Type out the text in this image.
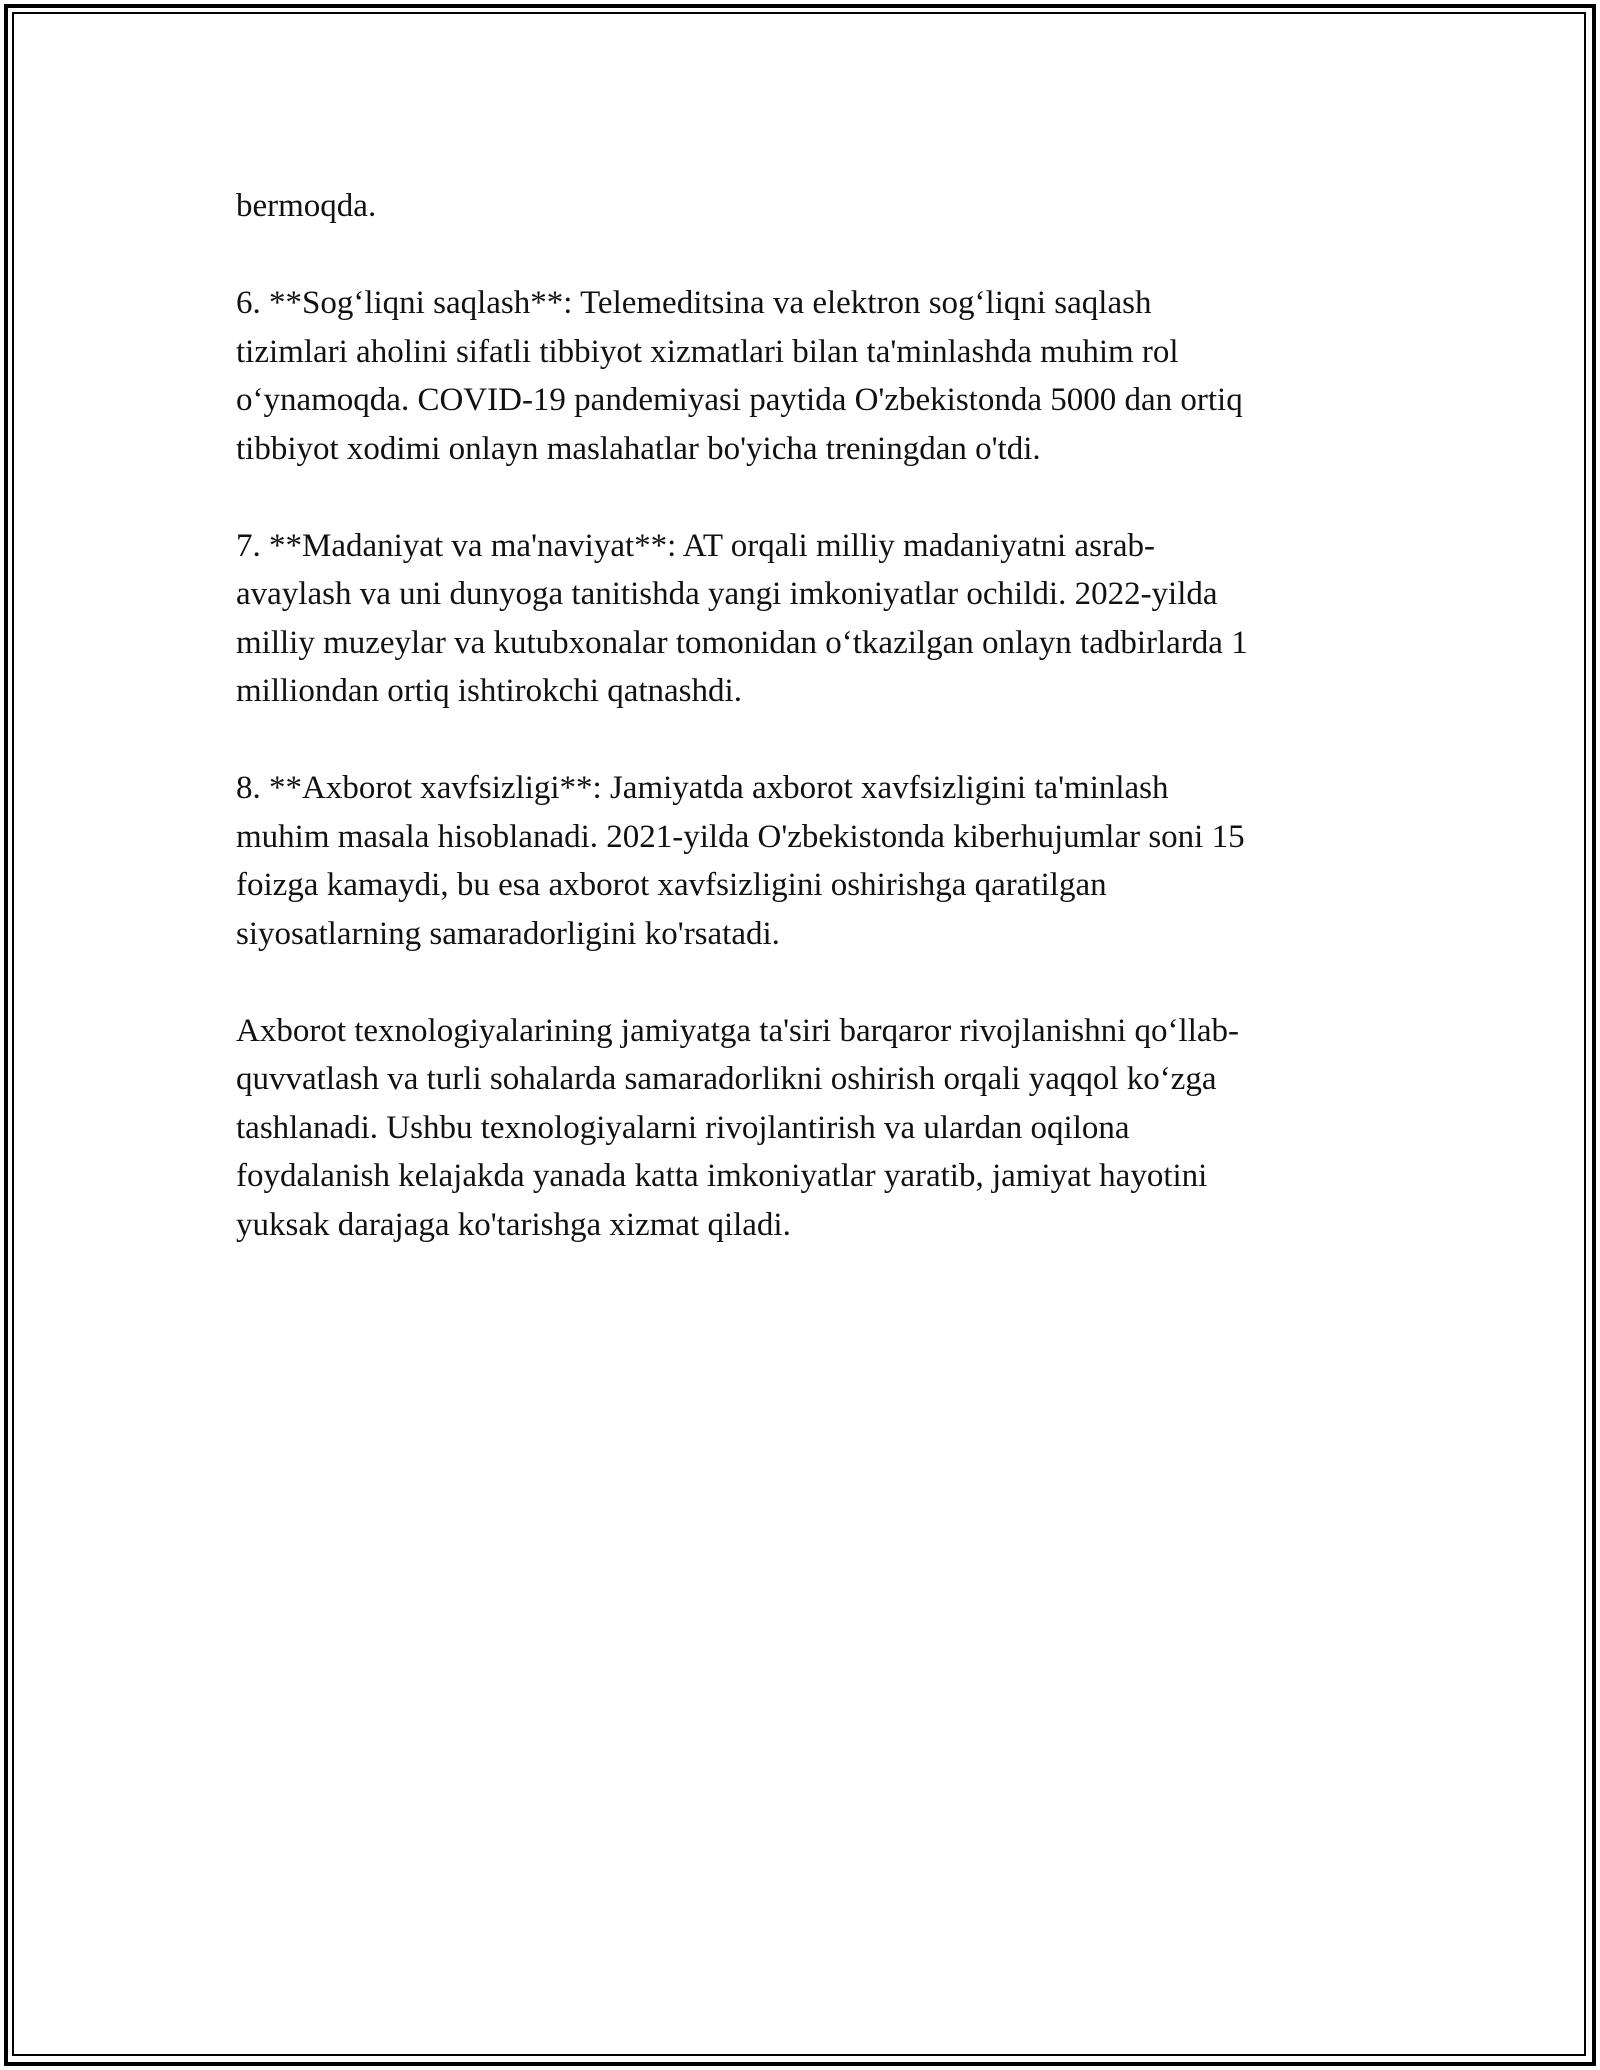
bermoqda.

6. **Sog‘liqni saqlash**: Telemeditsina va elektron sog‘liqni saqlash
tizimlari aholini sifatli tibbiyot xizmatlari bilan ta'minlashda muhim rol
o‘ynamoqda. COVID-19 pandemiyasi paytida O'zbekistonda 5000 dan ortiq
tibbiyot xodimi onlayn maslahatlar bo'yicha treningdan o'tdi.

7. **Madaniyat va ma'naviyat**: AT orqali milliy madaniyatni asrab-
avaylash va uni dunyoga tanitishda yangi imkoniyatlar ochildi. 2022-yilda
milliy muzeylar va kutubxonalar tomonidan o‘tkazilgan onlayn tadbirlarda 1
milliondan ortiq ishtirokchi qatnashdi.

8. **Axborot xavfsizligi**: Jamiyatda axborot xavfsizligini ta'minlash
muhim masala hisoblanadi. 2021-yilda O'zbekistonda kiberhujumlar soni 15
foizga kamaydi, bu esa axborot xavfsizligini oshirishga qaratilgan
siyosatlarning samaradorligini ko'rsatadi.

Axborot texnologiyalarining jamiyatga ta'siri barqaror rivojlanishni qo‘llab-
quvvatlash va turli sohalarda samaradorlikni oshirish orqali yaqqol ko‘zga
tashlanadi. Ushbu texnologiyalarni rivojlantirish va ulardan oqilona
foydalanish kelajakda yanada katta imkoniyatlar yaratib, jamiyat hayotini
yuksak darajaga ko'tarishga xizmat qiladi.
